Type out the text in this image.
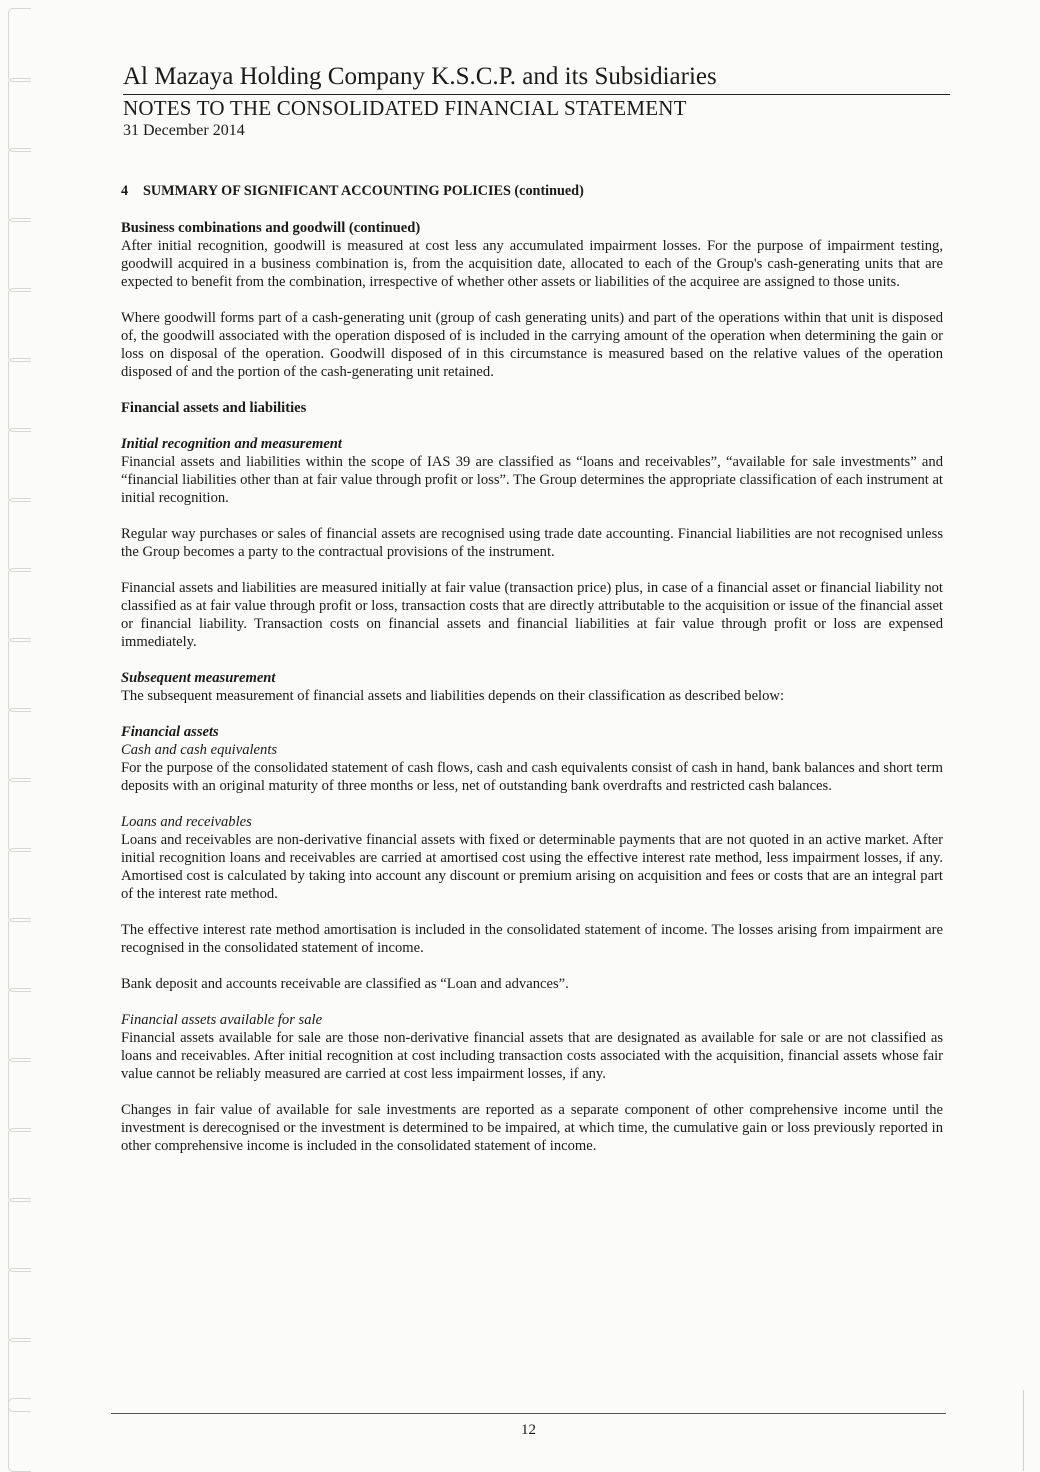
Al Mazaya Holding Company K.S.C.P. and its Subsidiaries
NOTES TO THE CONSOLIDATED FINANCIAL STATEMENT
31 December 2014
4	SUMMARY OF SIGNIFICANT ACCOUNTING POLICIES (continued)
Business combinations and goodwill (continued)

After initial recognition, goodwill is measured at cost less any accumulated impairment losses. For the purpose of impairment testing, goodwill acquired in a business combination is, from the acquisition date, allocated to each of the Group's cash-generating units that are expected to benefit from the combination, irrespective of whether other assets or liabilities of the acquiree are assigned to those units.

Where goodwill forms part of a cash-generating unit (group of cash generating units) and part of the operations within that unit is disposed of, the goodwill associated with the operation disposed of is included in the carrying amount of the operation when determining the gain or loss on disposal of the operation. Goodwill disposed of in this circumstance is measured based on the relative values of the operation disposed of and the portion of the cash-generating unit retained.

Financial assets and liabilities
Initial recognition and measurement

Financial assets and liabilities within the scope of IAS 39 are classified as “loans and receivables”, “available for sale investments” and “financial liabilities other than at fair value through profit or loss”. The Group determines the appropriate classification of each instrument at initial recognition.

Regular way purchases or sales of financial assets are recognised using trade date accounting. Financial liabilities are not recognised unless the Group becomes a party to the contractual provisions of the instrument.

Financial assets and liabilities are measured initially at fair value (transaction price) plus, in case of a financial asset or financial liability not classified as at fair value through profit or loss, transaction costs that are directly attributable to the acquisition or issue of the financial asset or financial liability. Transaction costs on financial assets and financial liabilities at fair value through profit or loss are expensed immediately.

Subsequent measurement

The subsequent measurement of financial assets and liabilities depends on their classification as described below:

Financial assets
Cash and cash equivalents

For the purpose of the consolidated statement of cash flows, cash and cash equivalents consist of cash in hand, bank balances and short term deposits with an original maturity of three months or less, net of outstanding bank overdrafts and restricted cash balances.

Loans and receivables

Loans and receivables are non-derivative financial assets with fixed or determinable payments that are not quoted in an active market. After initial recognition loans and receivables are carried at amortised cost using the effective interest rate method, less impairment losses, if any. Amortised cost is calculated by taking into account any discount or premium arising on acquisition and fees or costs that are an integral part of the interest rate method.

The effective interest rate method amortisation is included in the consolidated statement of income. The losses arising from impairment are recognised in the consolidated statement of income.

Bank deposit and accounts receivable are classified as “Loan and advances”.

Financial assets available for sale

Financial assets available for sale are those non-derivative financial assets that are designated as available for sale or are not classified as loans and receivables. After initial recognition at cost including transaction costs associated with the acquisition, financial assets whose fair value cannot be reliably measured are carried at cost less impairment losses, if any.

Changes in fair value of available for sale investments are reported as a separate component of other comprehensive income until the investment is derecognised or the investment is determined to be impaired, at which time, the cumulative gain or loss previously reported in other comprehensive income is included in the consolidated statement of income.

12
